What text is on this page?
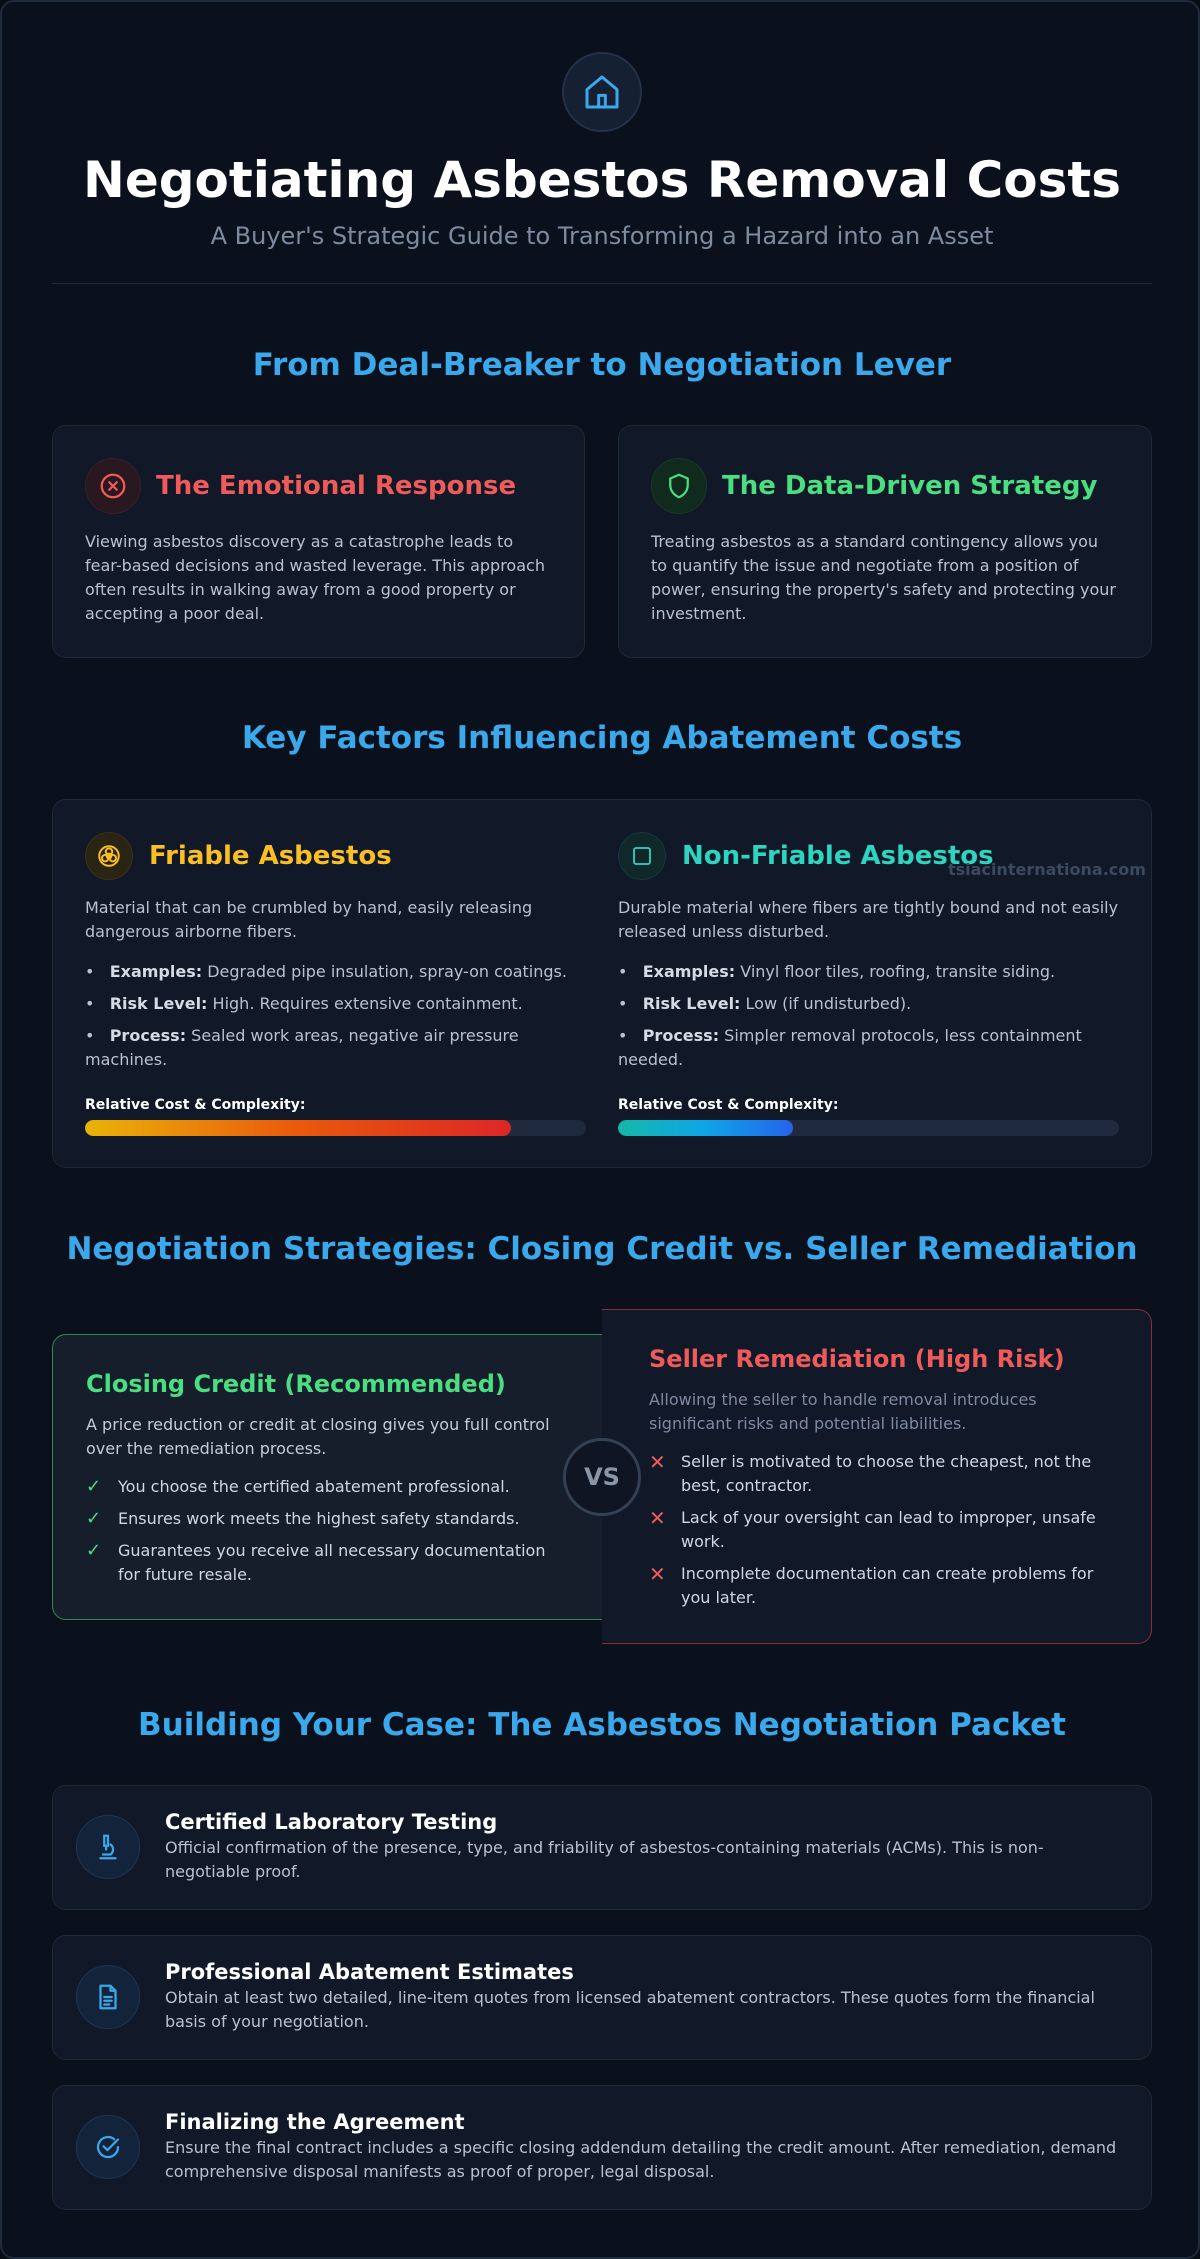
Negotiating Asbestos Removal Costs
A Buyer's Strategic Guide to Transforming a Hazard into an Asset
From Deal-Breaker to Negotiation Lever
The Emotional Response
Viewing asbestos discovery as a catastrophe leads to
fear-based decisions and wasted leverage. This approach
often results in walking away from a good property or
accepting a poor deal.
The Data-Driven Strategy
Treating asbestos as a standard contingency allows you
to quantify the issue and negotiate from a position of
power, ensuring the property's safety and protecting your
investment.
Key Factors Influencing Abatement Costs
Friable Asbestos
Material that can be crumbled by hand, easily releasing
dangerous airborne fibers.
•   Examples: Degraded pipe insulation, spray-on coatings.
•   Risk Level: High. Requires extensive containment.
•   Process: Sealed work areas, negative air pressure
machines.
Relative Cost & Complexity:
Non-Friable Asbestos
Durable material where fibers are tightly bound and not easily
released unless disturbed.
•   Examples: Vinyl floor tiles, roofing, transite siding.
•   Risk Level: Low (if undisturbed).
•   Process: Simpler removal protocols, less containment
needed.
Relative Cost & Complexity:
tsiacinternationa.com
Negotiation Strategies: Closing Credit vs. Seller Remediation
Closing Credit (Recommended)
A price reduction or credit at closing gives you full control
over the remediation process.
✓ You choose the certified abatement professional.
✓ Ensures work meets the highest safety standards.
✓ Guarantees you receive all necessary documentation
for future resale.
Seller Remediation (High Risk)
Allowing the seller to handle removal introduces
significant risks and potential liabilities.
✕ Seller is motivated to choose the cheapest, not the
best, contractor.
✕ Lack of your oversight can lead to improper, unsafe
work.
✕ Incomplete documentation can create problems for
you later.
VS
Building Your Case: The Asbestos Negotiation Packet
Certified Laboratory Testing
Official confirmation of the presence, type, and friability of asbestos-containing materials (ACMs). This is non-
negotiable proof.
Professional Abatement Estimates
Obtain at least two detailed, line-item quotes from licensed abatement contractors. These quotes form the financial
basis of your negotiation.
Finalizing the Agreement
Ensure the final contract includes a specific closing addendum detailing the credit amount. After remediation, demand
comprehensive disposal manifests as proof of proper, legal disposal.
